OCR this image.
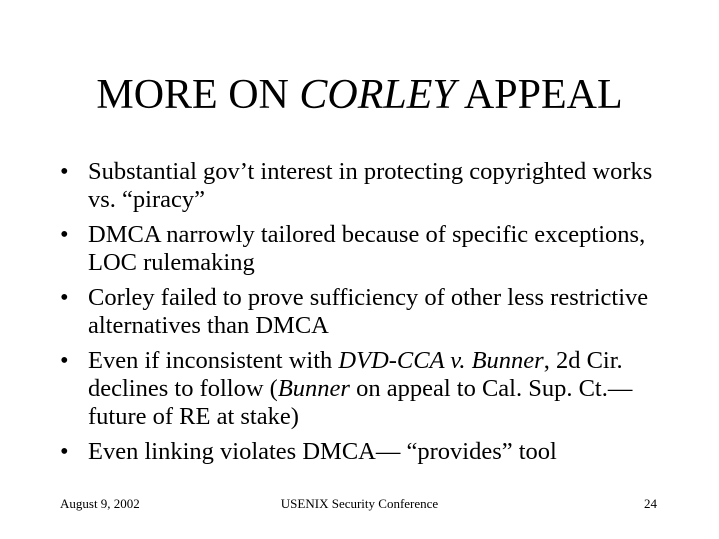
MORE ON CORLEY APPEAL
• Substantial gov’t interest in protecting copyrighted works vs. “piracy”
• DMCA narrowly tailored because of specific exceptions, LOC rulemaking
• Corley failed to prove sufficiency of other less restrictive alternatives than DMCA
• Even if inconsistent with DVD-CCA v. Bunner, 2d Cir. declines to follow (Bunner on appeal to Cal. Sup. Ct.—future of RE at stake)
• Even linking violates DMCA— “provides” tool
August 9, 2002	USENIX Security Conference	24
